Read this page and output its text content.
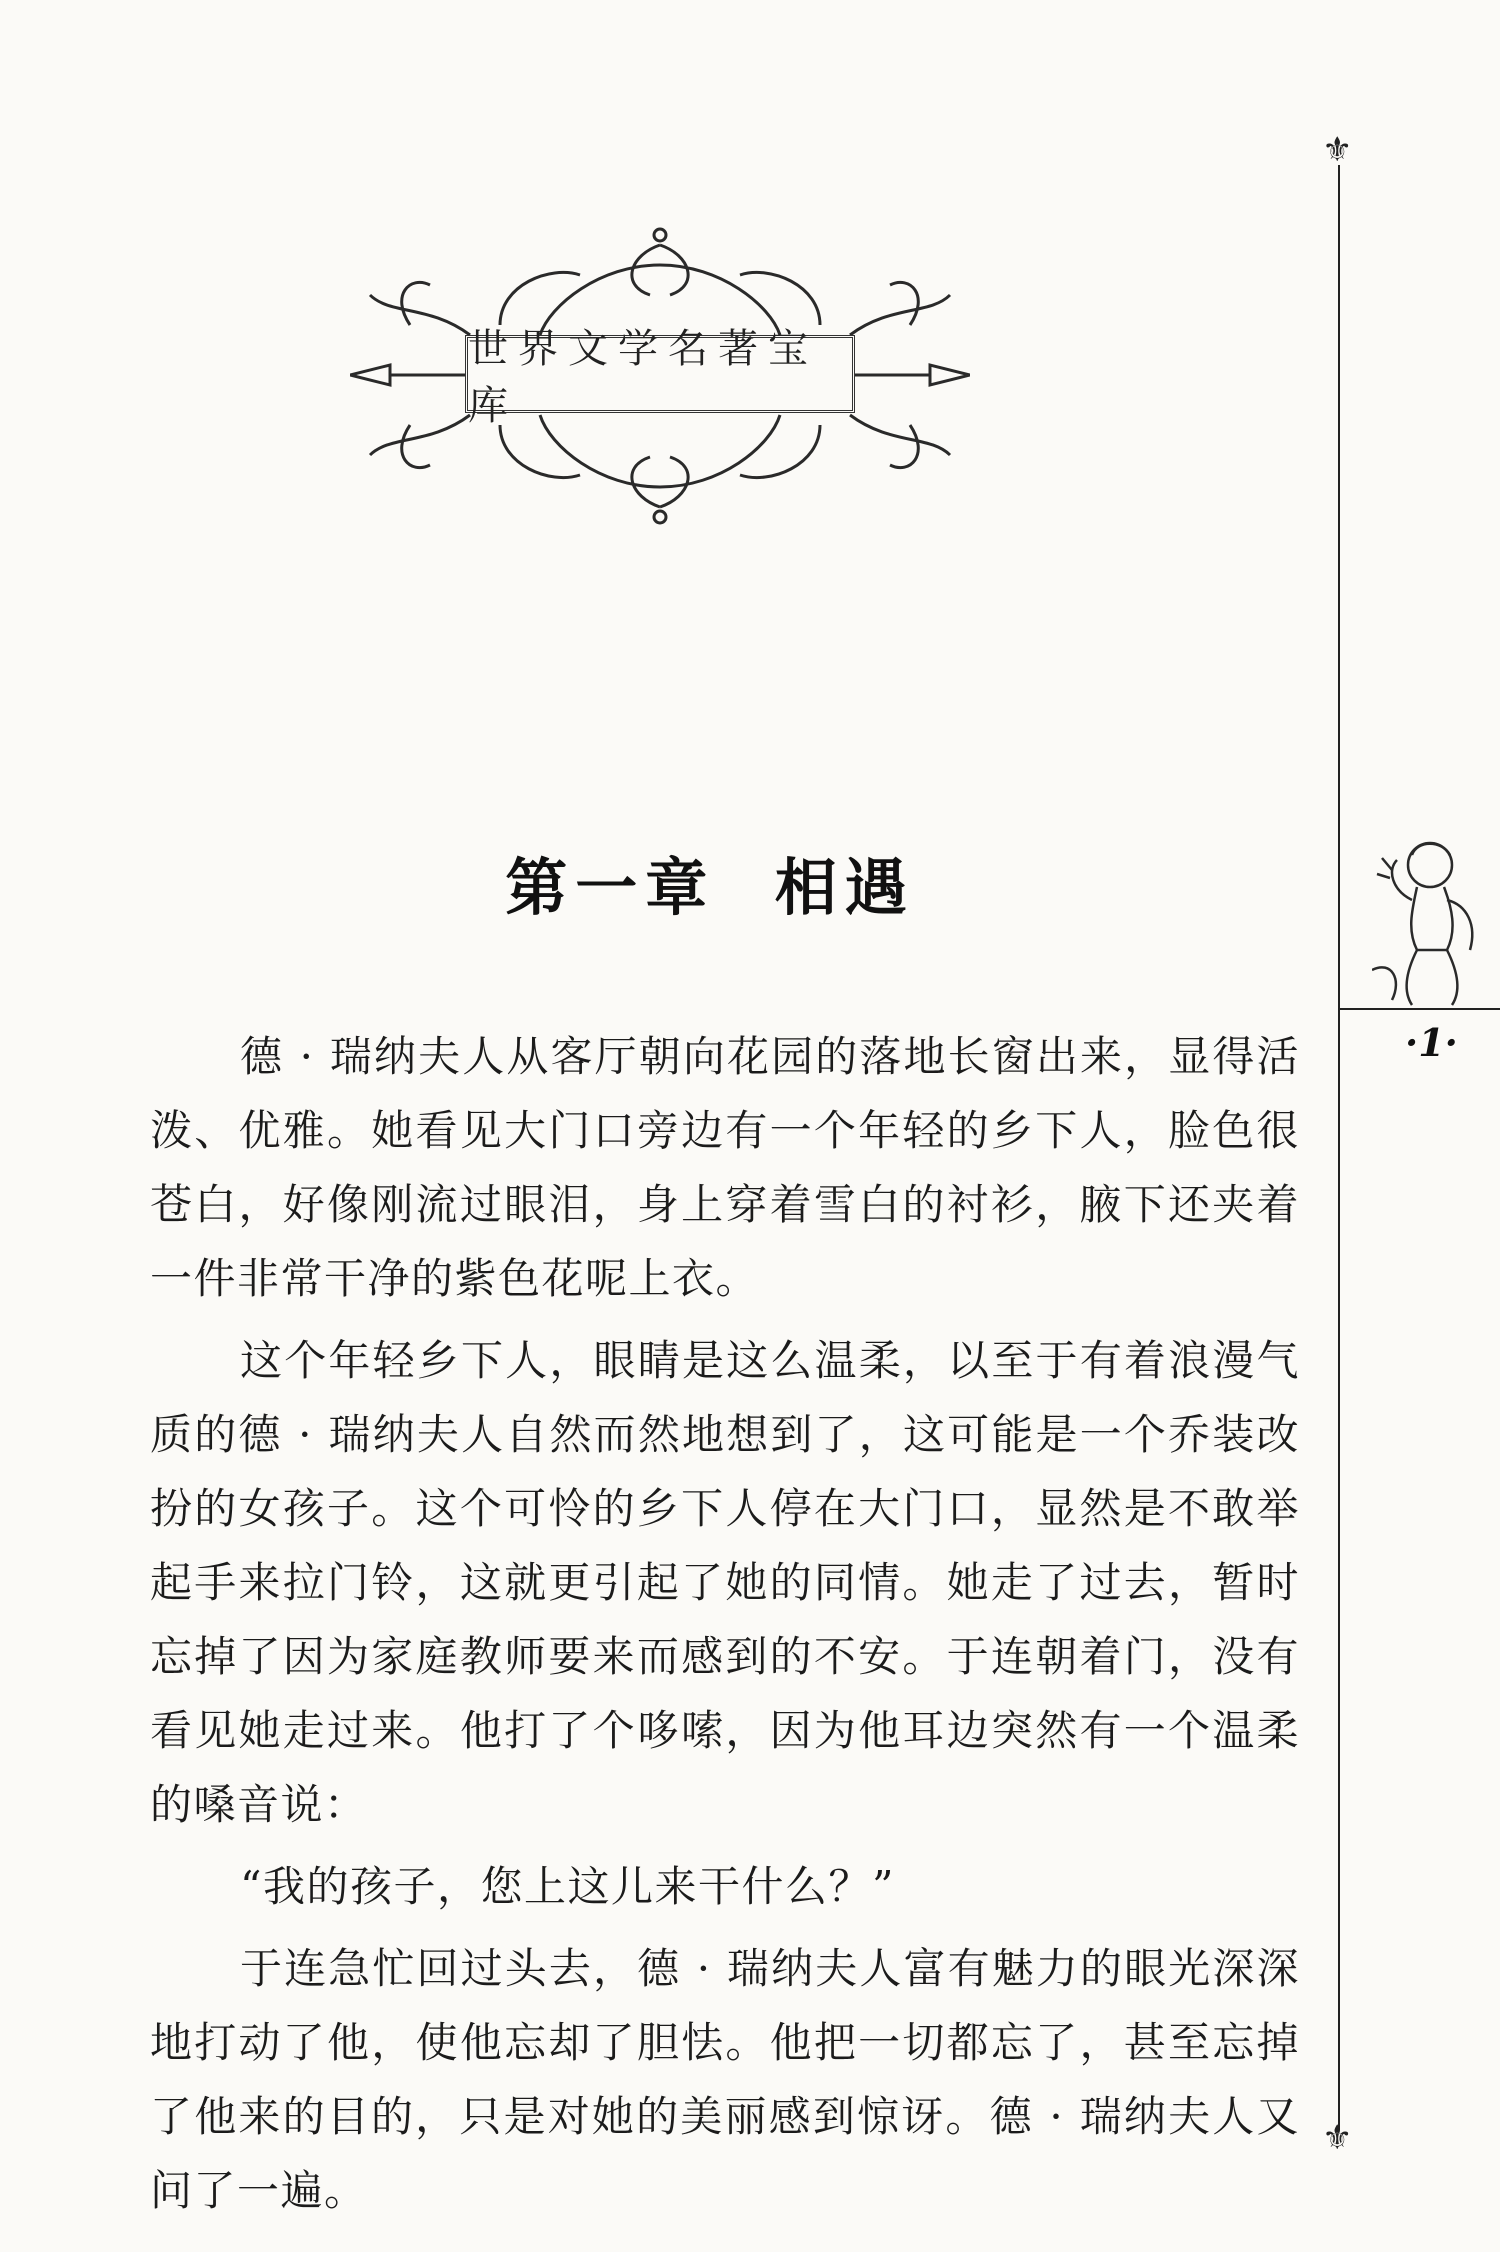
世界文学名著宝库
第一章 相遇

德 · 瑞纳夫人从客厅朝向花园的落地长窗出来，显得活泼、优雅。她看见大门口旁边有一个年轻的乡下人，脸色很苍白，好像刚流过眼泪，身上穿着雪白的衬衫，腋下还夹着一件非常干净的紫色花呢上衣。

这个年轻乡下人，眼睛是这么温柔，以至于有着浪漫气质的德 · 瑞纳夫人自然而然地想到了，这可能是一个乔装改扮的女孩子。这个可怜的乡下人停在大门口，显然是不敢举起手来拉门铃，这就更引起了她的同情。她走了过去，暂时忘掉了因为家庭教师要来而感到的不安。于连朝着门，没有看见她走过来。他打了个哆嗦，因为他耳边突然有一个温柔的嗓音说：

“我的孩子，您上这儿来干什么？”

于连急忙回过头去，德 · 瑞纳夫人富有魅力的眼光深深地打动了他，使他忘却了胆怯。他把一切都忘了，甚至忘掉了他来的目的，只是对她的美丽感到惊讶。德 · 瑞纳夫人又问了一遍。

⚜
⚜
·1·
